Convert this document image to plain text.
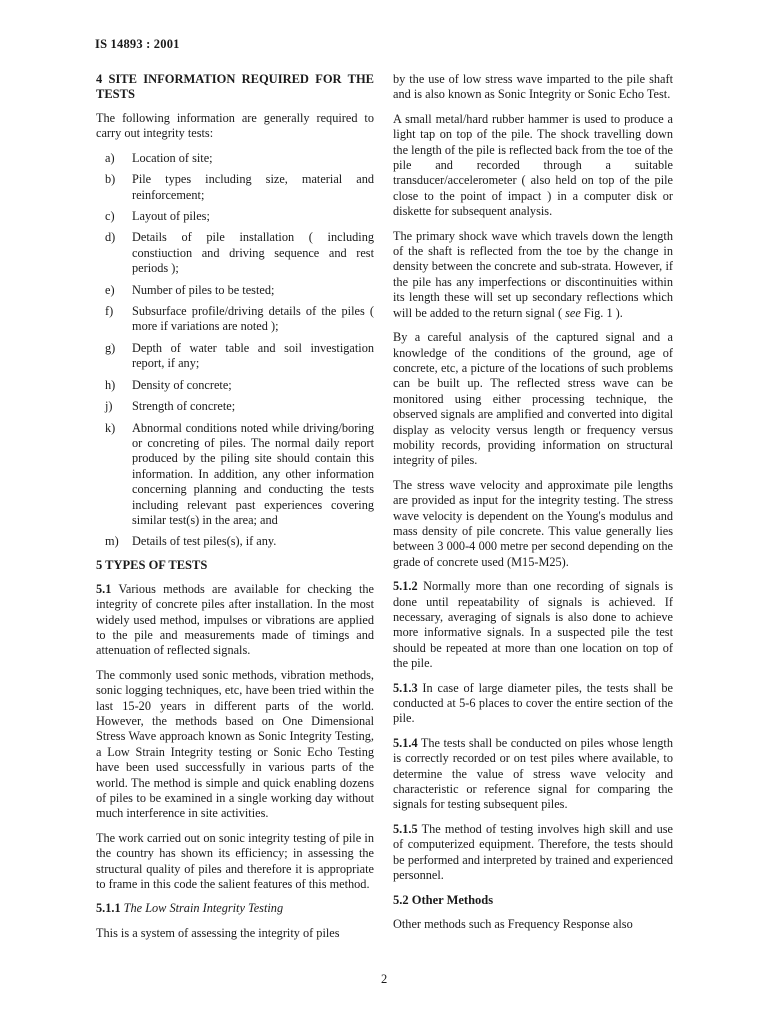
IS 14893 : 2001
4 SITE INFORMATION REQUIRED FOR THE TESTS

The following information are generally required to carry out integrity tests:

a)	Location of site;
b)	Pile types including size, material and reinforcement;
c)	Layout of piles;
d)	Details of pile installation ( including constiuction and driving sequence and rest periods );
e)	Number of piles to be tested;
f)	Subsurface profile/driving details of the piles ( more if variations are noted );
g)	Depth of water table and soil investigation report, if any;
h)	Density of concrete;
j)	Strength of concrete;
k)	Abnormal conditions noted while driving/boring or concreting of piles. The normal daily report produced by the piling site should contain this information. In addition, any other information concerning planning and conducting the tests including relevant past experiences covering similar test(s) in the area; and
m)	Details of test piles(s), if any.
5 TYPES OF TESTS

5.1 Various methods are available for checking the integrity of concrete piles after installation. In the most widely used method, impulses or vibrations are applied to the pile and measurements made of timings and attenuation of reflected signals.

The commonly used sonic methods, vibration methods, sonic logging techniques, etc, have been tried within the last 15-20 years in different parts of the world. However, the methods based on One Dimensional Stress Wave approach known as Sonic Integrity Testing, a Low Strain Integrity testing or Sonic Echo Testing have been used successfully in various parts of the world. The method is simple and quick enabling dozens of piles to be examined in a single working day without much interference in site activities.

The work carried out on sonic integrity testing of pile in the country has shown its efficiency; in assessing the structural quality of piles and therefore it is appropriate to frame in this code the salient features of this method.

5.1.1 The Low Strain Integrity Testing

This is a system of assessing the integrity of piles

by the use of low stress wave imparted to the pile shaft and is also known as Sonic Integrity or Sonic Echo Test.

A small metal/hard rubber hammer is used to produce a light tap on top of the pile. The shock travelling down the length of the pile is reflected back from the toe of the pile and recorded through a suitable transducer/accelerometer ( also held on top of the pile close to the point of impact ) in a computer disk or diskette for subsequent analysis.

The primary shock wave which travels down the length of the shaft is reflected from the toe by the change in density between the concrete and sub-strata. However, if the pile has any imperfections or discontinuities within its length these will set up secondary reflections which will be added to the return signal ( see Fig. 1 ).

By a careful analysis of the captured signal and a knowledge of the conditions of the ground, age of concrete, etc, a picture of the locations of such problems can be built up. The reflected stress wave can be monitored using either processing technique, the observed signals are amplified and converted into digital display as velocity versus length or frequency versus mobility records, providing information on structural integrity of piles.

The stress wave velocity and approximate pile lengths are provided as input for the integrity testing. The stress wave velocity is dependent on the Young's modulus and mass density of pile concrete. This value generally lies between 3 000-4 000 metre per second depending on the grade of concrete used (M15-M25).

5.1.2 Normally more than one recording of signals is done until repeatability of signals is achieved. If necessary, averaging of signals is also done to achieve more informative signals. In a suspected pile the test should be repeated at more than one location on top of the pile.

5.1.3 In case of large diameter piles, the tests shall be conducted at 5-6 places to cover the entire section of the pile.

5.1.4 The tests shall be conducted on piles whose length is correctly recorded or on test piles where available, to determine the value of stress wave velocity and characteristic or reference signal for comparing the signals for testing subsequent piles.

5.1.5 The method of testing involves high skill and use of computerized equipment. Therefore, the tests should be performed and interpreted by trained and experienced personnel.

5.2 Other Methods

Other methods such as Frequency Response also

2
